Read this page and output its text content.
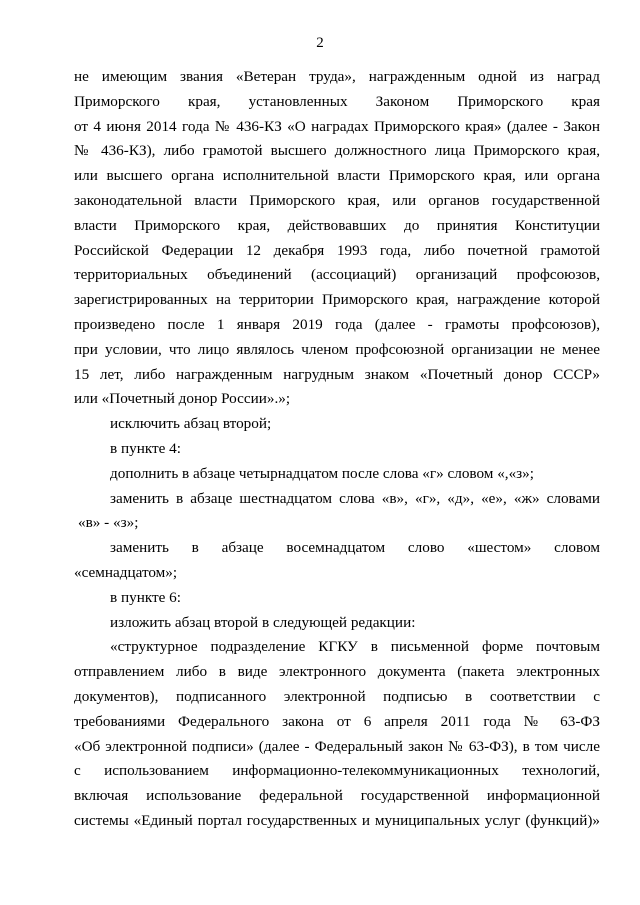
2
не имеющим звания «Ветеран труда», награжденным одной из наград
Приморского края, установленных Законом Приморского края
от 4 июня 2014 года № 436-КЗ «О наградах Приморского края» (далее - Закон
№ 436-КЗ), либо грамотой высшего должностного лица Приморского края,
или высшего органа исполнительной власти Приморского края, или органа
законодательной власти Приморского края, или органов государственной
власти Приморского края, действовавших до принятия Конституции
Российской Федерации 12 декабря 1993 года, либо почетной грамотой
территориальных объединений (ассоциаций) организаций профсоюзов,
зарегистрированных на территории Приморского края, награждение которой
произведено после 1 января 2019 года (далее - грамоты профсоюзов),
при условии, что лицо являлось членом профсоюзной организации не менее
15 лет, либо награжденным нагрудным знаком «Почетный донор СССР»
или «Почетный донор России».»;
исключить абзац второй;
в пункте 4:
дополнить в абзаце четырнадцатом после слова «г» словом «,«з»;
заменить в абзаце шестнадцатом слова «в», «г», «д», «е», «ж» словами
«в» - «з»;
заменить в абзаце восемнадцатом слово «шестом» словом
«семнадцатом»;
в пункте 6:
изложить абзац второй в следующей редакции:
«структурное подразделение КГКУ в письменной форме почтовым
отправлением либо в виде электронного документа (пакета электронных
документов), подписанного электронной подписью в соответствии с
требованиями Федерального закона от 6 апреля 2011 года № 63-ФЗ
«Об электронной подписи» (далее - Федеральный закон № 63-ФЗ), в том числе
с использованием информационно-телекоммуникационных технологий,
включая использование федеральной государственной информационной
системы «Единый портал государственных и муниципальных услуг (функций)»
